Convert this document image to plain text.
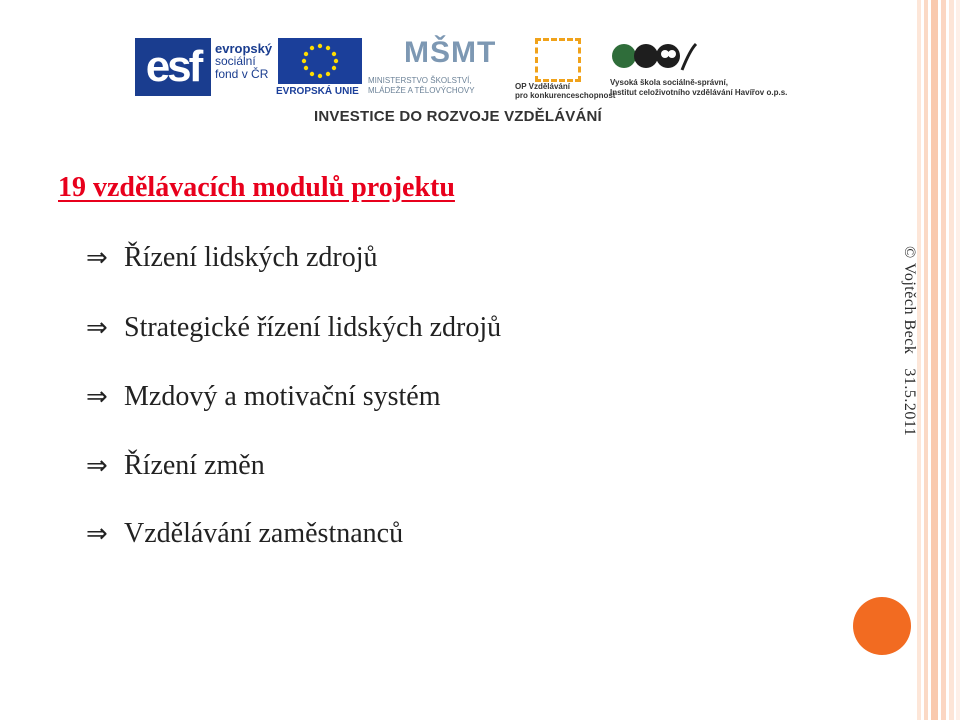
esf	evropský
sociální
fond v ČR
EVROPSKÁ UNIE
MŠMT
MINISTERSTVO ŠKOLSTVÍ,
MLÁDEŽE A TĚLOVÝCHOVY	OP Vzdělávání
pro konkurenceschopnost
Vysoká škola sociálně-správní,
Institut celoživotního vzdělávání Havířov o.p.s.
INVESTICE DO ROZVOJE VZDĚLÁVÁNÍ
19 vzdělávacích modulů projektu
⇒ Řízení lidských zdrojů
⇒ Strategické řízení lidských zdrojů
⇒ Mzdový a motivační systém
⇒ Řízení změn
⇒ Vzdělávání zaměstnanců
© Vojtěch Beck31.5.2011
